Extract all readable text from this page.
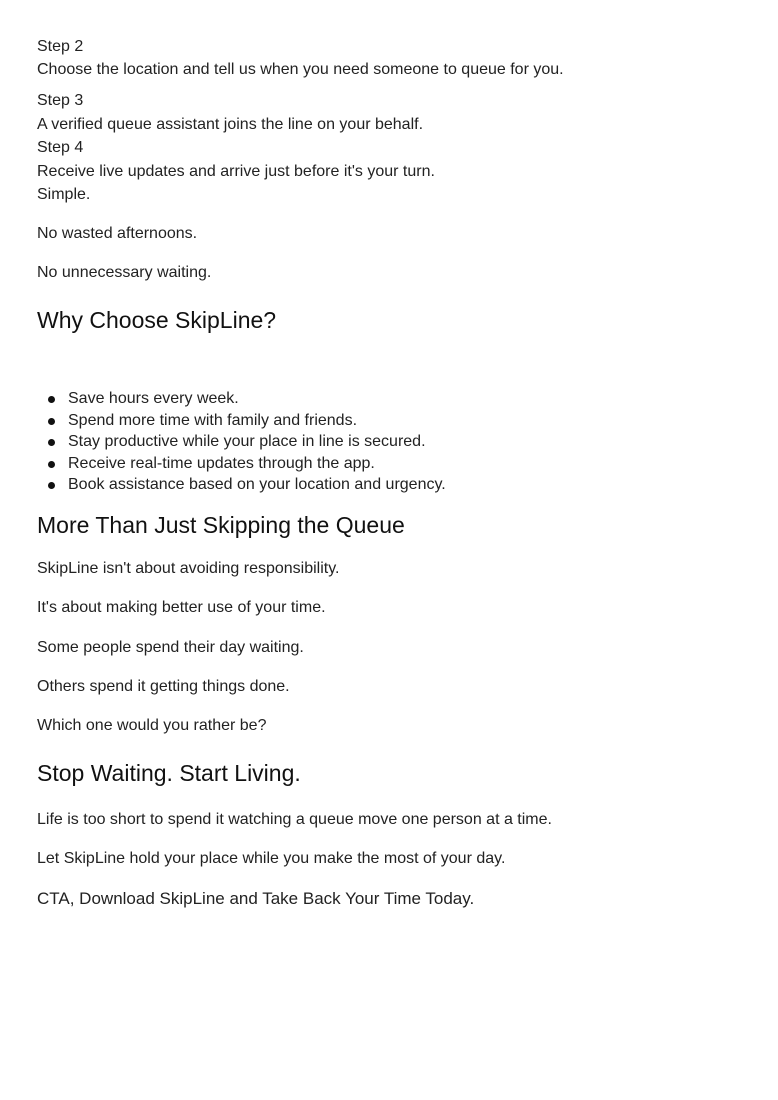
Step 2
Choose the location and tell us when you need someone to queue for you.
Step 3
A verified queue assistant joins the line on your behalf.
Step 4
Receive live updates and arrive just before it's your turn.
Simple.
No wasted afternoons.
No unnecessary waiting.
Why Choose SkipLine?
Save hours every week.
Spend more time with family and friends.
Stay productive while your place in line is secured.
Receive real-time updates through the app.
Book assistance based on your location and urgency.
More Than Just Skipping the Queue
SkipLine isn't about avoiding responsibility.
It's about making better use of your time.
Some people spend their day waiting.
Others spend it getting things done.
Which one would you rather be?
Stop Waiting. Start Living.
Life is too short to spend it watching a queue move one person at a time.
Let SkipLine hold your place while you make the most of your day.
CTA, Download SkipLine and Take Back Your Time Today.
